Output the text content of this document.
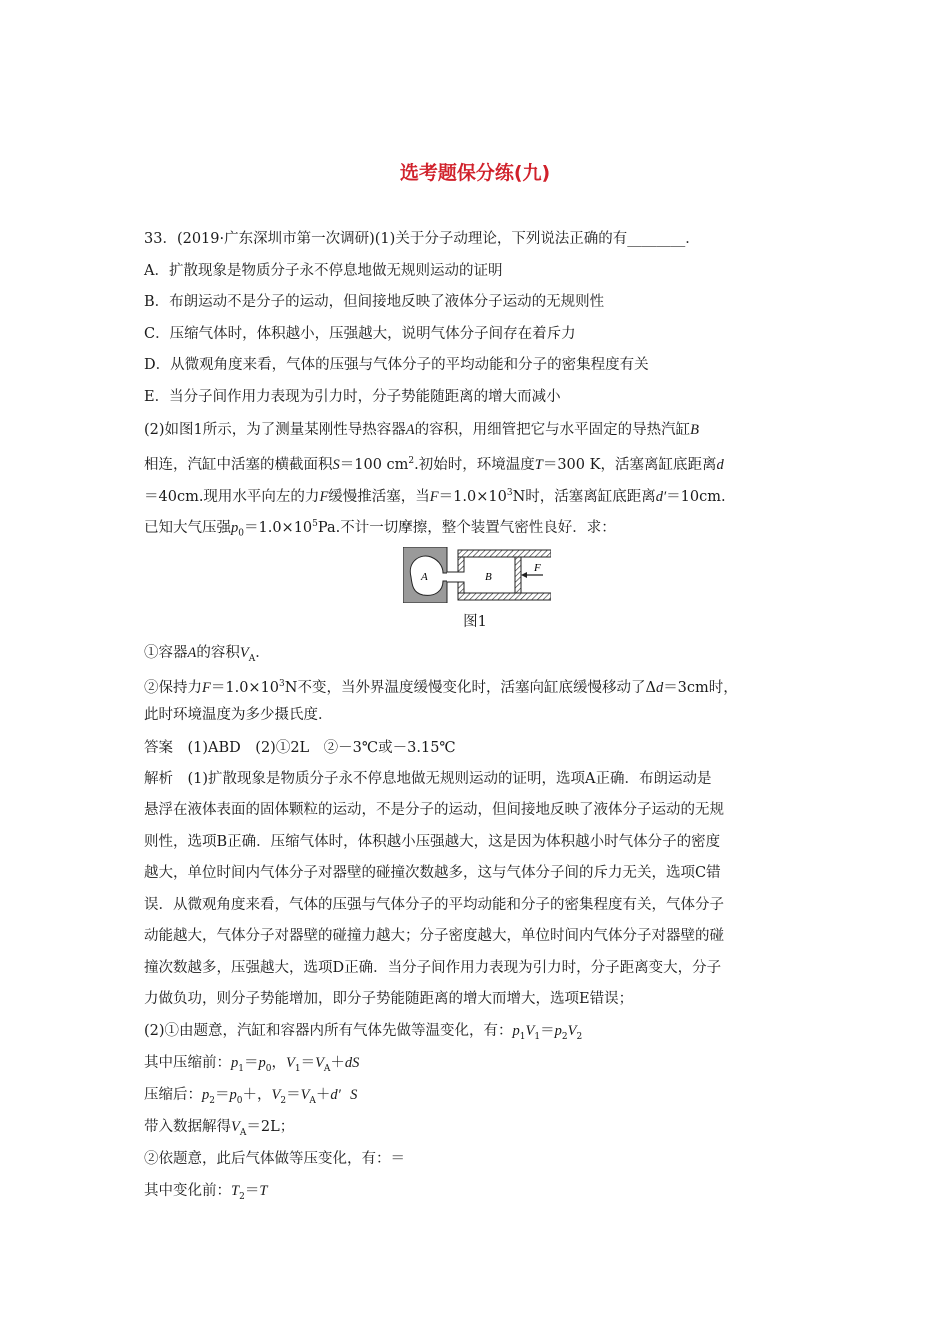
选考题保分练(九)
33．(2019·广东深圳市第一次调研)(1)关于分子动理论，下列说法正确的有________．
A．扩散现象是物质分子永不停息地做无规则运动的证明
B．布朗运动不是分子的运动，但间接地反映了液体分子运动的无规则性
C．压缩气体时，体积越小，压强越大，说明气体分子间存在着斥力
D．从微观角度来看，气体的压强与气体分子的平均动能和分子的密集程度有关
E．当分子间作用力表现为引力时，分子势能随距离的增大而减小
(2)如图1所示，为了测量某刚性导热容器A的容积，用细管把它与水平固定的导热汽缸B
相连，汽缸中活塞的横截面积S＝100 $cm^2$.初始时，环境温度T＝300 K，活塞离缸底距离d
＝40cm.现用水平向左的力F缓慢推活塞，当$F=1.0\times 10^3N$时，活塞离缸底距离d′＝10cm.
已知大气压强$p_0=1.0\times 10^5Pa$.不计一切摩擦，整个装置气密性良好．求：
A	B
F
图1
①容器A的容积$V_A$．
②保持力$F=1.0\times 10^3N$不变，当外界温度缓慢变化时，活塞向缸底缓慢移动了Δd＝3cm时，
此时环境温度为多少摄氏度．
答案　(1)ABD　(2)①2L　②－3℃或－3.15℃
解析　(1)扩散现象是物质分子永不停息地做无规则运动的证明，选项A正确．布朗运动是
悬浮在液体表面的固体颗粒的运动，不是分子的运动，但间接地反映了液体分子运动的无规
则性，选项B正确．压缩气体时，体积越小压强越大，这是因为体积越小时气体分子的密度
越大，单位时间内气体分子对器壁的碰撞次数越多，这与气体分子间的斥力无关，选项C错
误．从微观角度来看，气体的压强与气体分子的平均动能和分子的密集程度有关，气体分子
动能越大，气体分子对器壁的碰撞力越大；分子密度越大，单位时间内气体分子对器壁的碰
撞次数越多，压强越大，选项D正确．当分子间作用力表现为引力时，分子距离变大，分子
力做负功，则分子势能增加，即分子势能随距离的增大而增大，选项E错误；
(2)①由题意，汽缸和容器内所有气体先做等温变化，有：$p_1V_1=p_2V_2$
其中压缩前：$p_1=p_0$，$V_1=V_A+dS$
压缩后：$p_2=p_0+$，$V_2=V_A+d'$ S
带入数据解得$V_A=2L$；
②依题意，此后气体做等压变化，有：＝
其中变化前：$T_2=T$
